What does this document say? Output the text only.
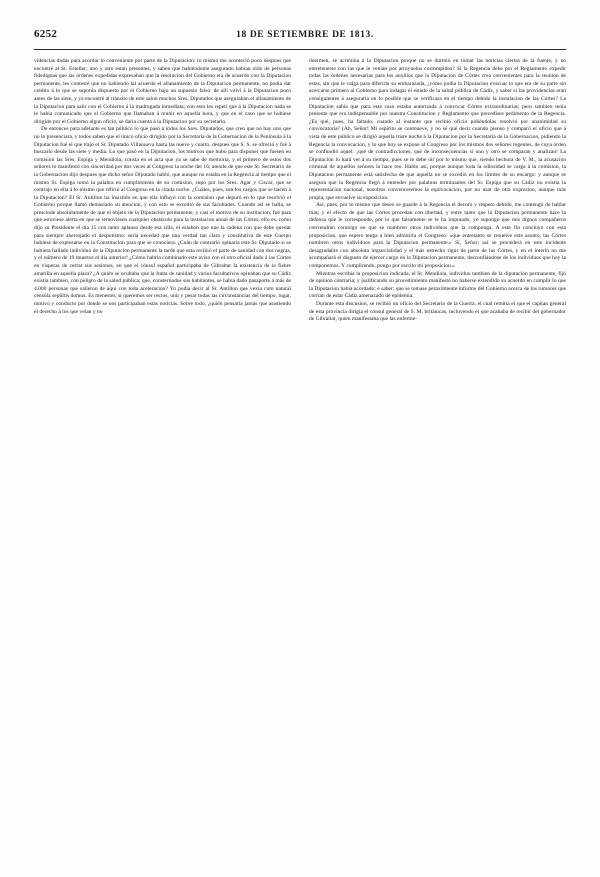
6252	18 DE SETIEMBRE DE 1813.

videncias dadas para acordar lo conveniente por parte de la Diputacion: lo mismo me aconteció poco despues que encontré al Sr. Esteller; uno y otro están presentes, y saben que habiéndome asegurado habian oido de personas fidedignas que las órdenes expedidas expresaban que la resolucion del Gobierno era de acuerdo con la Diputacion permanente, les contesté que no habiendo tal acuerdo el allanamiento de la Diputacion permanente, no podia dar crédito á lo que se suponia dispuesto por el Gobierno bajo un supuesto falso: de allí volví á la Diputacion poco antes de las siete, y ya encontré al tránsito de este salon muchos Sres. Diputados que aseguraban el allanamiento de la Diputacion para salir con el Gobierno á la madrugada inmediata; con esto les repetí que á la Diputacion nada se le habia comunicado que el Gobierno que Ilamaban á reunir en aquella hora, y que en el caso que se hubiese dirigido por el Gobierno algun oficio, se daria cuenta á la Diputacion por su secretario.

De entonces para adelante es tan público lo que pasó á todos los Sres. Diputados, que creo que no hay uno que no lo presenciara, y todos saben que el único oficio dirigido por la Secretaría de la Gobernacion de la Península á la Diputacion fué el que trajo el Sr. Diputado Villanueva hasta las nueve y cuarto, despues que S. S. se ofreció y fué á buscarlo desde las siete y media. Lo que pasó en la Diputacion, los motivos que hubo para disponer que fuesen en comision las Sres. Espiga y Mendiola, consta en el acta que ya se sabe de memoria, y el primero de estos dos señores lo manifestó con sinceridad por dos veces al Congreso la noche del 16; atendo de que este Sr. Secretario de la Gobernacion dijo despues que dicho señor Diputado habló, que aunque no estaba en la Regencia al tiempo que el mismo Sr. Espiga tomó la palabra en cumplimiento de su comision, supo por los Sres. Agar y Ciscar, que se contrajo en ella á lo mismo que refirió al Congreso en la citada noche. ¿Cuáles, pues, son los cargos que se hacen á la Diputacion? El Sr. Antillon ha insistido en que ella influyó con la comision que depuró en lo que resolvió el Gobierno porque llamó demasiado su atencion, y con esto se excedió de sus facultades. Cuando así se halla, se prescinde absolutamente de que el objeto de la Diputacion permanente, y casi el motivo de su institucion, fué para que estuviese alerta en que se removiesen cualquier obstáculo para la instalacion anual de las Córtes; ello es, como dijo su Presidente el dia 15 con tanto aplauso desde esa silla, el eslabon que une la cadena con que debe quedar para siempre aherrojado el despotismo: sería necedad que una verdad tan clara y constitutiva de este Cuerpo hubiese de expresarse en la Constitucion para que se conociera. ¿Cuán de contrario opinaria este Sr. Diputado si se hubiera hallado individuo de la Diputacion permanente la tarde que esta recibió el parte de sanidad con dos negras, y el número de 19 muertos el dia anterior! ¿Cómo habria combinado este aviso con el otro oficial dado á las Córtes en vísperas de cerrar sus sesiones, en que el cónsul español participaba de Gibraltar la existencia de la fiebre amarilla en aquella plaza? ¿A quién se ocultaba que la Junta de sanidad y varios facultativos opinaban que su Cádiz existia tambien, con peligro de la salud pública; que, consternados sus habitantes, se habia dado pasaporte á más de 4.000 personas que salieron de aquí con toda aceleracion? Yo podia decir al Sr. Antillon que vexia cum naturaï censŭla sepŭltis domus. Es menester, si queremos ser rectos, unir y pesar todas las circunstancias del tiempo, lugar, motivo y conducto por donde se nos participaban estas noticias. Sobre todo, ¿quién pensaría jamás que asistiendo el derecho á los que velan y no

duermen, se acrimina á la Diputacion porque no se durmió en tomar las noticias ciertas de la fuente, y no entretenerse con las que le venian por arroyuelos corrompidos? Si la Regencia debe por el Reglamento expedir todas las órdenes necesarias para los auxilios que la Diputacion de Córtes crea convenientes para la reunion de estas, sin que le valga para diferirla su embarazada, ¿cómo podia la Diputacion evacuar lo que era de su parte sin acercarse primero al Gobierno para indagar el estado de la salud pública de Cádiz, y saber si las providencias eran consiguientes á asegurarla en lo posible que se verificara en el tiempo debido la instalacion de las Córtes? La Diputacion sabia que para este caso estaba autorizada á convocar Córtes extraordinarias; pero tambien tenia presente que era indispensable por nuestra Constitucion y Reglamento que precedises pedimento de la Regencia. ¿Es qué, pues, ha faltado, cuando al instante que recibió oficio pidiéndolas resolvió por unanimidad su convocatoria? (Ah, Señor! Mi espíritu se conmueve, y no sé qué decir cuando pienso y comparó el oficio que á vista de este público se dirigió aquella triste noche á la Diputacion por la Secretaría de la Gobernacion, pidiendo la Regencia la convocacion, y lo que hoy se expone al Congreso por los mismos dos señores regentes, de cuya órden se confundió aquel: ¡qué de contradicciones, qué de inconsecuencias si uno y otro se comparan y analizan! La Diputacion lo hará ver á su tiempo; pues se le debe oir por lo mismo que, siendo hechura de V. M., la acusacion criminal de aquellos señores la hace reo. Hablo así, porque aunque toda la odiosidad se carga á la comision, la Diputacion permanente está satisfecha de que aquella no se excedió en los límites de su encargo: y aunque se asegura que la Regencia llegó á entender por palabras terminantes del Sr. Espiga que su Cádiz no existia la representacion nacional, nosotros convenceremos la equivocacion, por no usar de otra expresion, aunque más propia, que envuelve su exposicion.

Así, pues, por lo mismo que deseo se guarde á la Regencia el decoro y respeto debido, me contengo de hablar más; y el efecto de que las Córtes procedan con libertad, y entre tanto que la Diputacion permanente hace la defensa que le corresponde, por lo que falsamente se le ha imputado, yo supongo que mis dignos compañeros convendrán conmigo en que se nombren otros individuos que la componga. A este fin concluyo con esta proposicion, que espero tenga á bien admitirla el Congreso: «que entretanto se resuelve este asunto, las Córtes nombren otros individuos para la Diputacion permanente.» Sí, Señor; así se procederá en este incidente desagradable con absoluta imparcialidad y el más estrecho rigor de parte de las Córtes, y en el ínterin no me acompañará el disgusto de ejercer cargo en la Diputacion permanente, desconfiándose de los individuos que hoy la componemos. Y cumplirendo, pongo por escrito mi proposicion.»

Mientras escribia la proposicion indicada, el Sr. Mendiola, individuo tambien de la diputacion permanente, fijó de opinion contraria; y justificando su procedimiento manifestó no haberse extendido su acuerdo en cumplir lo que la Diputacion habia acordado; é saber: que se tomase peraxilmente informe del Gobierno acerca de los rumores que corrian de estar Cádiz amenazado de epidemia.

Durante esta discusion, se recibió un oficio del Secretario de la Guerra, el cual remitia el que el capitan general de esta provincia dirigia el cónsul general de S. M. británicas, incluyendo el que acababa de recibir del gobernador de Gibraltar, quien manifestaba que las enferme-
